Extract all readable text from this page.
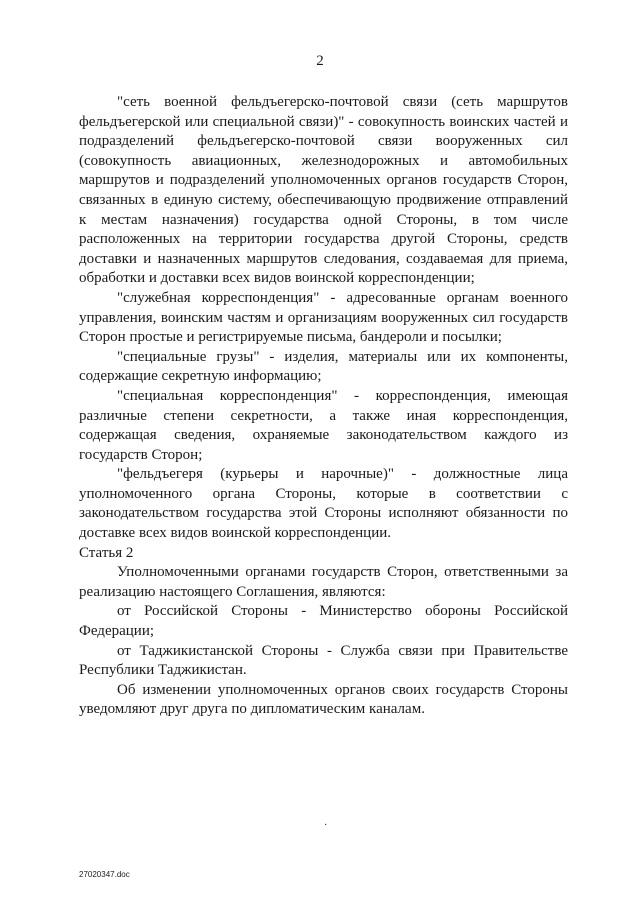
2

"сеть военной фельдъегерско-почтовой связи (сеть маршрутов фельдъегерской или специальной связи)" - совокупность воинских частей и подразделений фельдъегерско-почтовой связи вооруженных сил (совокупность авиационных, железнодорожных и автомобильных маршрутов и подразделений уполномоченных органов государств Сторон, связанных в единую систему, обеспечивающую продвижение отправлений к местам назначения) государства одной Стороны, в том числе расположенных на территории государства другой Стороны, средств доставки и назначенных маршрутов следования, создаваемая для приема, обработки и доставки всех видов воинской корреспонденции;

"служебная корреспонденция" - адресованные органам военного управления, воинским частям и организациям вооруженных сил государств Сторон простые и регистрируемые письма, бандероли и посылки;

"специальные грузы" - изделия, материалы или их компоненты, содержащие секретную информацию;

"специальная корреспонденция" - корреспонденция, имеющая различные степени секретности, а также иная корреспонденция, содержащая сведения, охраняемые законодательством каждого из государств Сторон;

"фельдъегеря (курьеры и нарочные)" - должностные лица уполномоченного органа Стороны, которые в соответствии с законодательством государства этой Стороны исполняют обязанности по доставке всех видов воинской корреспонденции.

Статья 2

Уполномоченными органами государств Сторон, ответственными за реализацию настоящего Соглашения, являются:

от Российской Стороны - Министерство обороны Российской Федерации;

от Таджикистанской Стороны - Служба связи при Правительстве Республики Таджикистан.

Об изменении уполномоченных органов своих государств Стороны уведомляют друг друга по дипломатическим каналам.

·
27020347.doc
